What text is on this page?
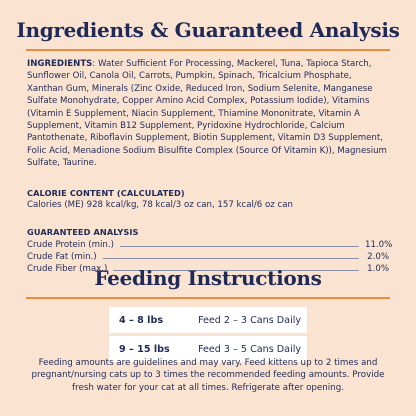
Ingredients & Guaranteed Analysis

INGREDIENTS: Water Sufficient For Processing, Mackerel, Tuna, Tapioca Starch, Sunflower Oil, Canola Oil, Carrots, Pumpkin, Spinach, Tricalcium Phosphate, Xanthan Gum, Minerals (Zinc Oxide, Reduced Iron, Sodium Selenite, Manganese Sulfate Monohydrate, Copper Amino Acid Complex, Potassium Iodide), Vitamins (Vitamin E Supplement, Niacin Supplement, Thiamine Mononitrate, Vitamin A Supplement, Vitamin B12 Supplement, Pyridoxine Hydrochloride, Calcium Pantothenate, Riboflavin Supplement, Biotin Supplement, Vitamin D3 Supplement, Folic Acid, Menadione Sodium Bisulfite Complex (Source Of Vitamin K)), Magnesium Sulfate, Taurine.

CALORIE CONTENT (CALCULATED)
Calories (ME) 928 kcal/kg, 78 kcal/3 oz can, 157 kcal/6 oz can
GUARANTEED ANALYSIS
Crude Protein (min.)	11.0%
Crude Fat (min.)	2.0%
Crude Fiber (max.)	1.0%
Feeding Instructions
4 – 8 lbs	Feed 2 – 3 Cans Daily
9 – 15 lbs	Feed 3 – 5 Cans Daily

Feeding amounts are guidelines and may vary. Feed kittens up to 2 times and pregnant/nursing cats up to 3 times the recommended feeding amounts. Provide fresh water for your cat at all times. Refrigerate after opening.
